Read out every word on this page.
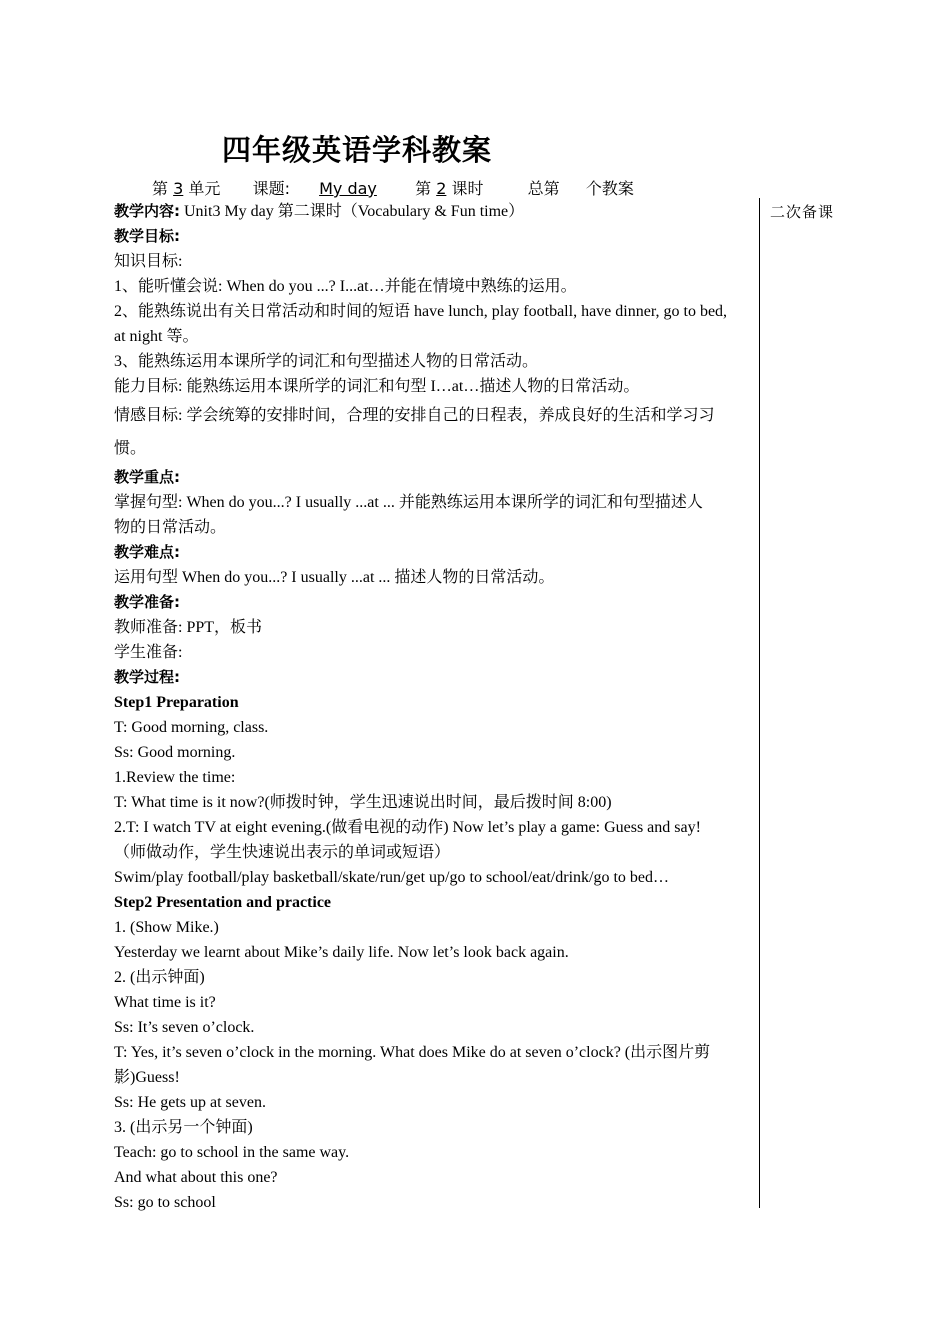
四年级英语学科教案
第 3 单元 课题: My day 第 2 课时	总第 个教案
二次备课
教学内容: Unit3 My day 第二课时（Vocabulary & Fun time）
教学目标:
知识目标:
1、能听懂会说: When do you ...? I...at…并能在情境中熟练的运用。
2、能熟练说出有关日常活动和时间的短语 have lunch, play football, have dinner, go to bed,
at night 等。
3、能熟练运用本课所学的词汇和句型描述人物的日常活动。
能力目标: 能熟练运用本课所学的词汇和句型 I…at…描述人物的日常活动。
情感目标: 学会统筹的安排时间，合理的安排自己的日程表，养成良好的生活和学习习
惯。
教学重点:
掌握句型: When do you...? I usually ...at ... 并能熟练运用本课所学的词汇和句型描述人
物的日常活动。
教学难点:
运用句型 When do you...? I usually ...at ... 描述人物的日常活动。
教学准备:
教师准备: PPT，板书
学生准备:
教学过程:
Step1 Preparation
T: Good morning, class.
Ss: Good morning.
1.Review the time:
T: What time is it now?(师拨时钟，学生迅速说出时间，最后拨时间 8:00)
2.T: I watch TV at eight evening.(做看电视的动作) Now let’s play a game: Guess and say!
（师做动作，学生快速说出表示的单词或短语）
Swim/play football/play basketball/skate/run/get up/go to school/eat/drink/go to bed…
Step2 Presentation and practice
1. (Show Mike.)
Yesterday we learnt about Mike’s daily life. Now let’s look back again.
2. (出示钟面)
What time is it?
Ss: It’s seven o’clock.
T: Yes, it’s seven o’clock in the morning. What does Mike do at seven o’clock? (出示图片剪
影)Guess!
Ss: He gets up at seven.
3. (出示另一个钟面)
Teach: go to school in the same way.
And what about this one?
Ss: go to school
